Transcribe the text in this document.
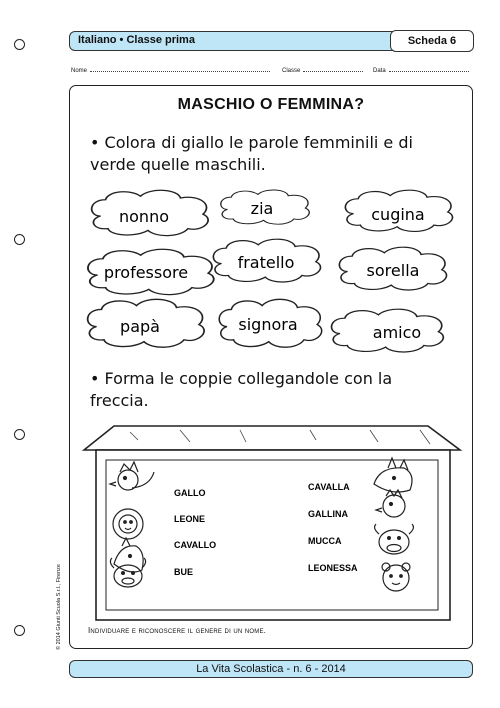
Italiano • Classe prima	Scheda 6
Nome	Classe	Data
MASCHIO O FEMMINA?
• Colora di giallo le parole femminili e di verde quelle maschili.
nonno	zia	cugina
professore
fratello	sorella
papà	signora	amico
• Forma le coppie collegandole con la freccia.
GALLO
LEONE
CAVALLO
BUE
CAVALLA
GALLINA
MUCCA
LEONESSA
Individuare e riconoscere il genere di un nome.
© 2014 Giunti Scuola S.r.l., Firenze
La Vita Scolastica - n. 6 - 2014
